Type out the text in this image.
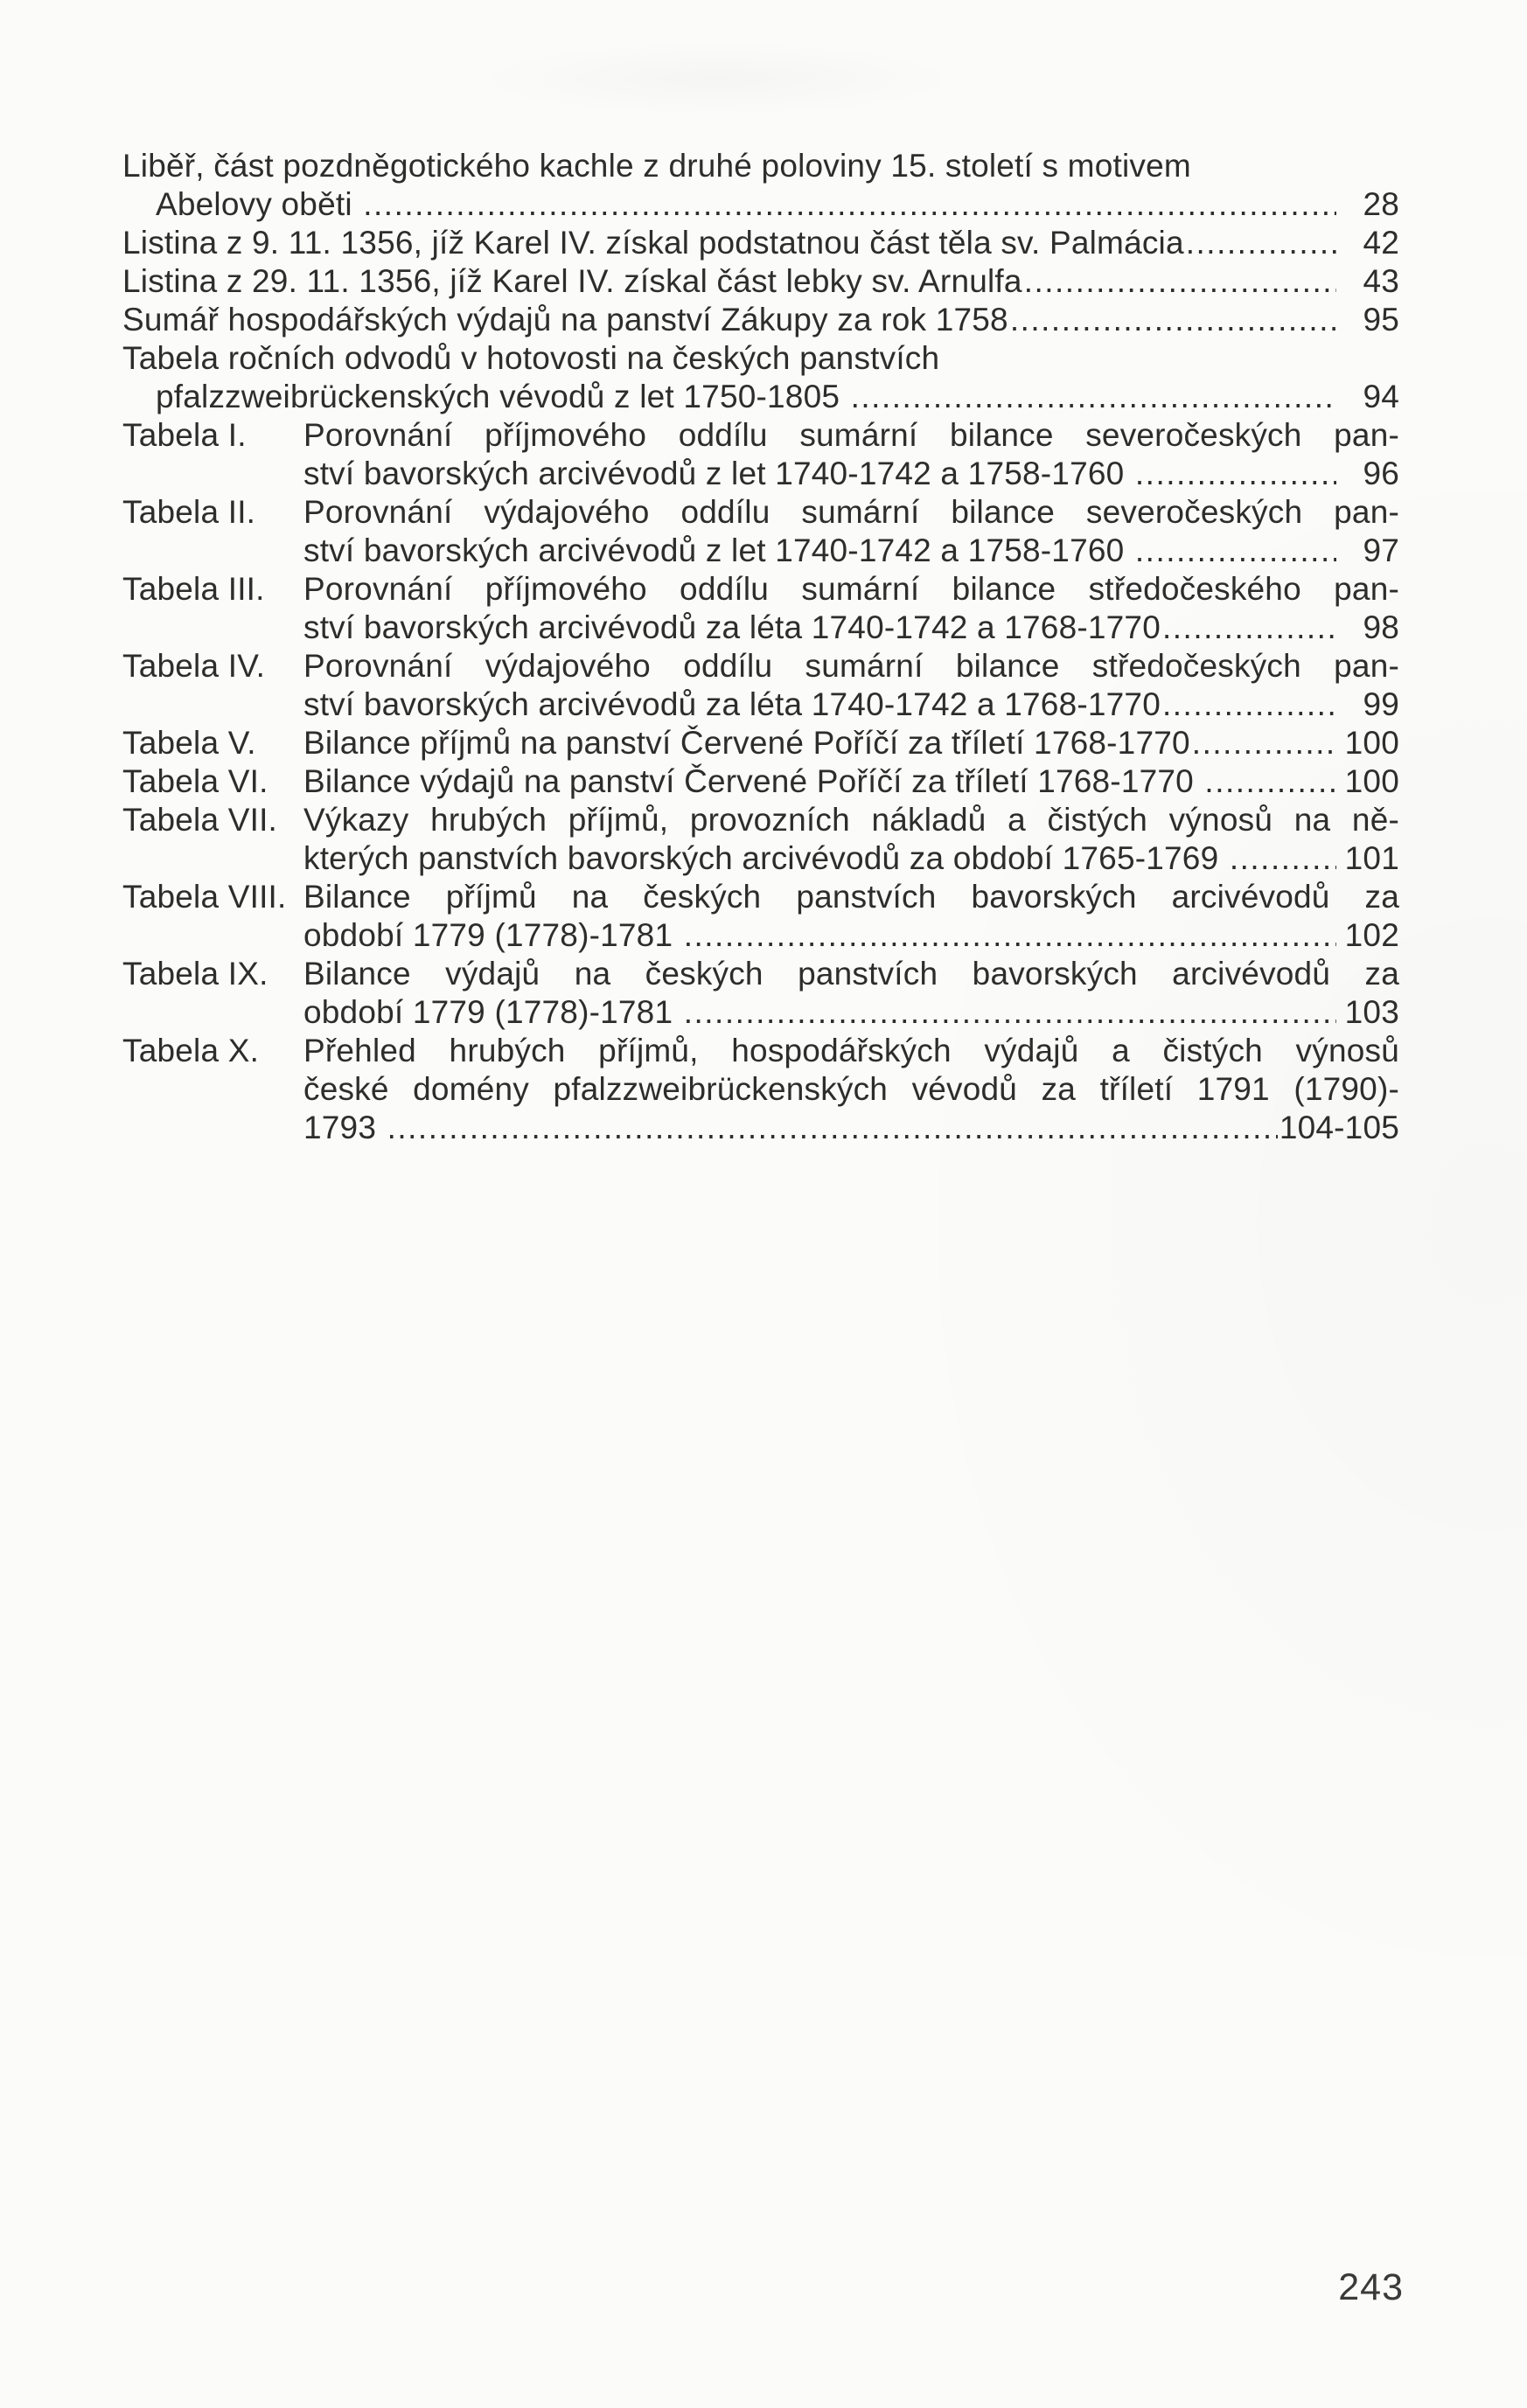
Liběř, část pozdněgotického kachle z druhé poloviny 15. století s motivem
Abelovy oběti .....	28
Listina z 9. 11. 1356, jíž Karel IV. získal podstatnou část těla sv. Palmácia .....	42
Listina z 29. 11. 1356, jíž Karel IV. získal část lebky sv. Arnulfa .....	43
Sumář hospodářských výdajů na panství Zákupy za rok 1758 .....	95
Tabela ročních odvodů v hotovosti na českých panstvích
pfalzzweibrückenských vévodů z let 1750-1805 .....	94
Tabela I.	Porovnání příjmového oddílu sumární bilance severočeských pan-
ství bavorských arcivévodů z let 1740-1742 a 1758-1760 .....	96
Tabela II.	Porovnání výdajového oddílu sumární bilance severočeských pan-
ství bavorských arcivévodů z let 1740-1742 a 1758-1760 .....	97
Tabela III.	Porovnání příjmového oddílu sumární bilance středočeského pan-
ství bavorských arcivévodů za léta 1740-1742 a 1768-1770 .....	98
Tabela IV.	Porovnání výdajového oddílu sumární bilance středočeských pan-
ství bavorských arcivévodů za léta 1740-1742 a 1768-1770 .....	99
Tabela V.	Bilance příjmů na panství Červené Poříčí za tříletí 1768-1770 .....	100
Tabela VI.	Bilance výdajů na panství Červené Poříčí za tříletí 1768-1770 .....	100
Tabela VII. Výkazy hrubých příjmů, provozních nákladů a čistých výnosů na ně-
kterých panstvích bavorských arcivévodů za období 1765-1769 .....	101
Tabela VIII. Bilance příjmů na českých panstvích bavorských arcivévodů za
období 1779 (1778)-1781 .....	102
Tabela IX.	Bilance výdajů na českých panstvích bavorských arcivévodů za
období 1779 (1778)-1781 .....	103
Tabela X.	Přehled hrubých příjmů, hospodářských výdajů a čistých výnosů
české domény pfalzzweibrückenských vévodů za tříletí 1791 (1790)-
1793 .....	104-105
243
